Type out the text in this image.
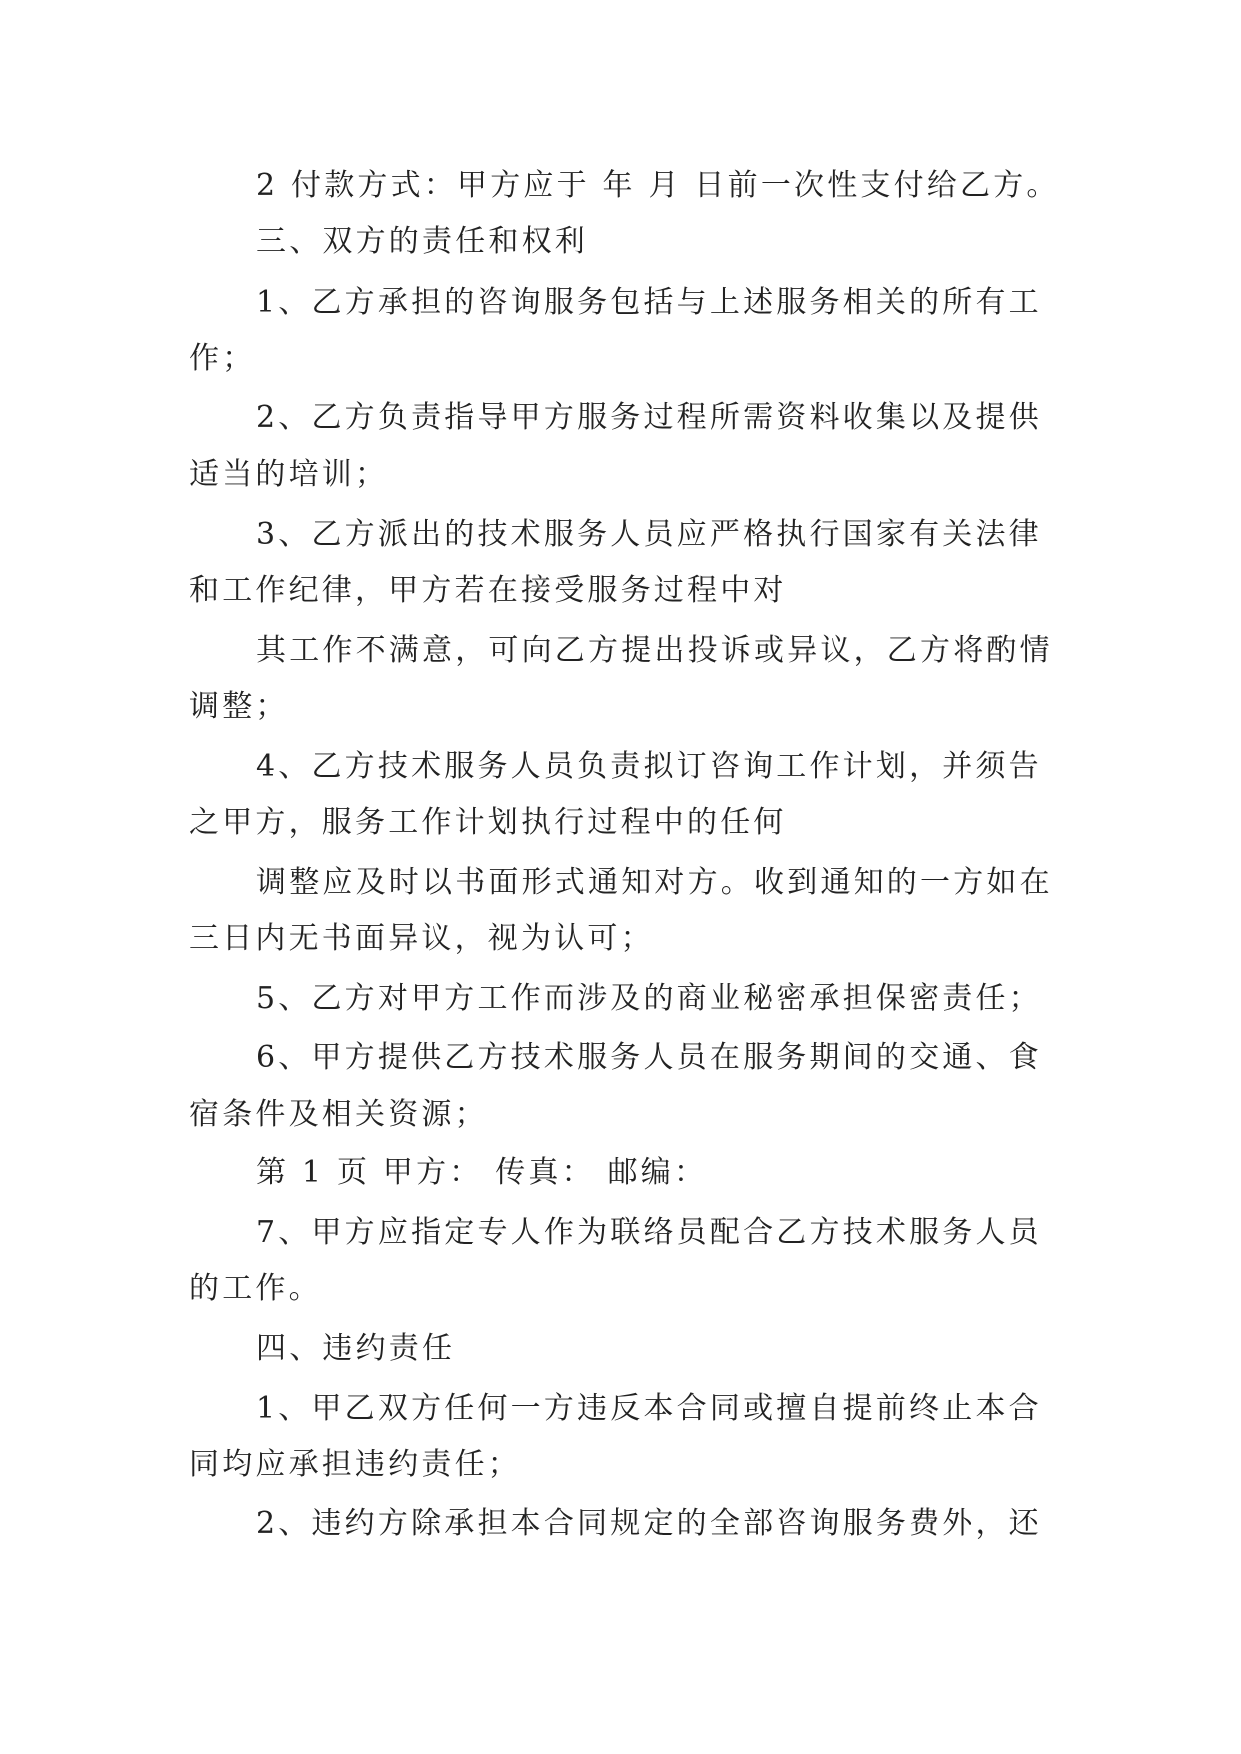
2 付款方式：甲方应于 年 月 日前一次性支付给乙方。
三、双方的责任和权利
1、乙方承担的咨询服务包括与上述服务相关的所有工
作；
2、乙方负责指导甲方服务过程所需资料收集以及提供
适当的培训；
3、乙方派出的技术服务人员应严格执行国家有关法律
和工作纪律，甲方若在接受服务过程中对
其工作不满意，可向乙方提出投诉或异议，乙方将酌情
调整；
4、乙方技术服务人员负责拟订咨询工作计划，并须告
之甲方，服务工作计划执行过程中的任何
调整应及时以书面形式通知对方。收到通知的一方如在
三日内无书面异议，视为认可；
5、乙方对甲方工作而涉及的商业秘密承担保密责任；
6、甲方提供乙方技术服务人员在服务期间的交通、食
宿条件及相关资源；
第 1 页 甲方： 传真： 邮编：
7、甲方应指定专人作为联络员配合乙方技术服务人员
的工作。
四、违约责任
1、甲乙双方任何一方违反本合同或擅自提前终止本合
同均应承担违约责任；
2、违约方除承担本合同规定的全部咨询服务费外，还
